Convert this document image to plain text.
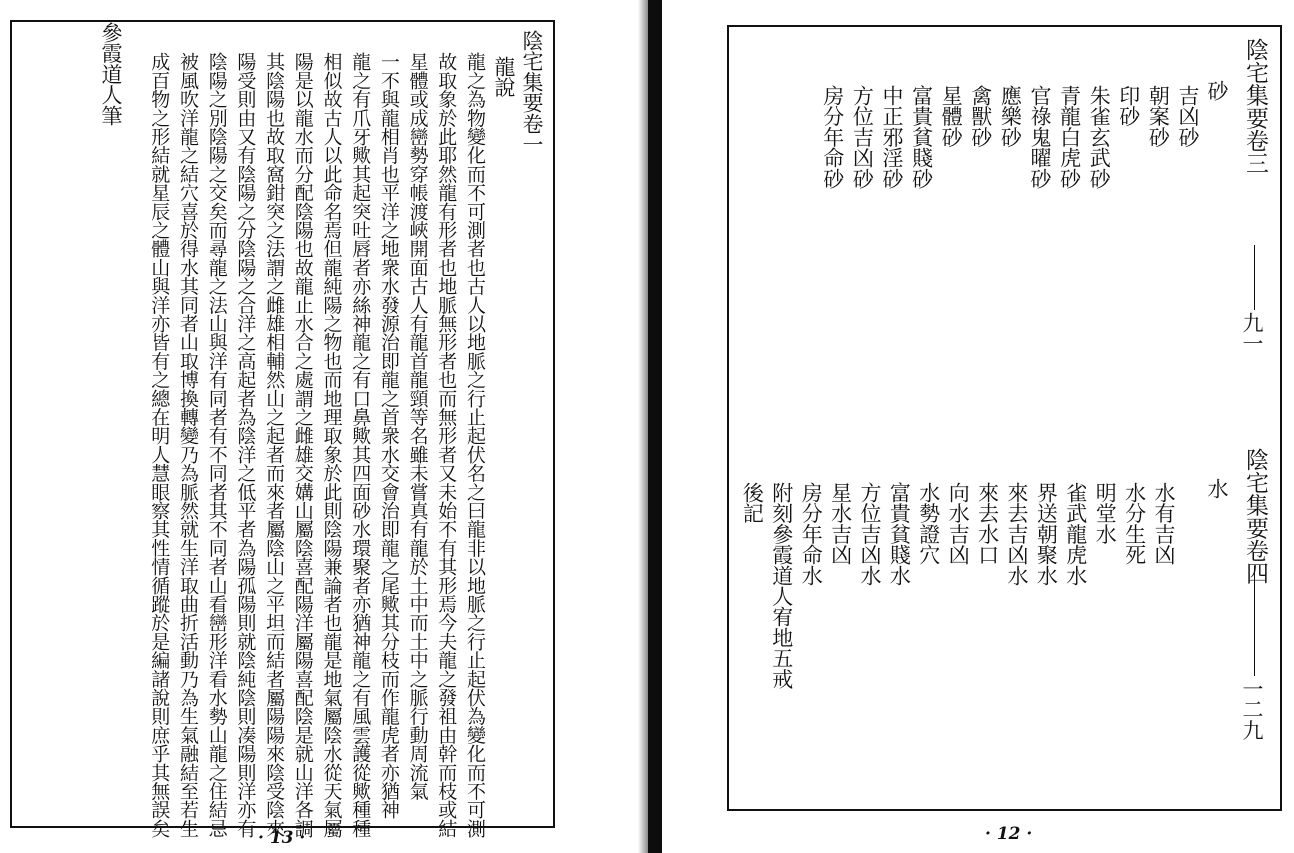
陰宅集要卷一
龍說
龍之為物變化而不可測者也古人以地脈之行止起伏名之曰龍非以地脈之行止起伏為變化而不可測
故取象於此耶然龍有形者也地脈無形者也而無形者又未始不有其形焉今夫龍之發祖由幹而枝或結
星體或成巒勢穿帳渡峽開面古人有龍首龍頸等名雖未嘗真有龍於土中而土中之脈行動周流氣
一不與龍相肖也平洋之地衆水發源治即龍之首衆水交會治即龍之尾歟其分枝而作龍虎者亦猶神
龍之有爪牙歟其起突吐唇者亦絲神龍之有口鼻歟其四面砂水環聚者亦猶神龍之有風雲護從歟種種
相似故古人以此命名焉但龍純陽之物也而地理取象於此則陰陽兼論者也龍是地氣屬陰水從天氣屬
陽是以龍水而分配陰陽也故龍止水合之處謂之雌雄交媾山屬陰喜配陽洋屬陽喜配陰是就山洋各調
其陰陽也故取窩鉗突之法謂之雌雄相輔然山之起者而來者屬陰山之平坦而結者屬陽陽來陰受陰來
陽受則由又有陰陽之分陰陽之合洋之高起者為陰洋之低平者為陽孤陽則就陰純陰則凑陽則洋亦有
陰陽之別陰陽之交矣而尋龍之法山與洋有同者有不同者其不同者山看巒形洋看水勢山龍之住結忌
被風吹洋龍之結穴喜於得水其同者山取博換轉變乃為脈然就生洋取曲折活動乃為生氣融結至若生
成百物之形結就星辰之體山與洋亦皆有之總在明人慧眼察其性情循蹤於是編諸說則庶乎其無誤矣
參霞道人筆
· 13 ·
陰宅集要卷三
九一
砂
吉凶砂
朝案砂
印砂
朱雀玄武砂
青龍白虎砂
官祿鬼曜砂
應樂砂
禽獸砂
星體砂
富貴貧賤砂
中正邪淫砂
方位吉凶砂
房分年命砂
陰宅集要卷四
一二九
水
水有吉凶
水分生死
明堂水
雀武龍虎水
界送朝聚水
來去吉凶水
來去水口
向水吉凶
水勢證穴
富貴貧賤水
方位吉凶水
星水吉凶
房分年命水
附刻參霞道人宥地五戒
後記
· 12 ·
